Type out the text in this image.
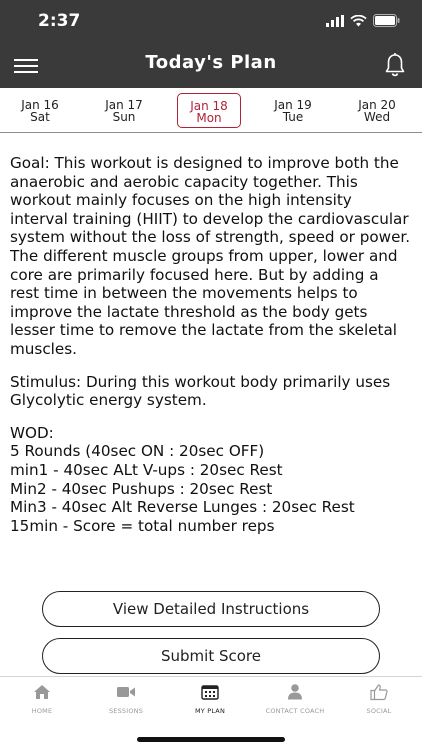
2:37
Today's Plan
Jan 16
Sat
Jan 17
Sun
Jan 18
Mon
Jan 19
Tue
Jan 20
Wed

Goal: This workout is designed to improve both the anaerobic and aerobic capacity together. This workout mainly focuses on the high intensity interval training (HIIT) to develop the cardiovascular system without the loss of strength, speed or power. The different muscle groups from upper, lower and core are primarily focused here. But by adding a rest time in between the movements helps to improve the lactate threshold as the body gets lesser time to remove the lactate from the skeletal muscles.

Stimulus: During this workout body primarily uses Glycolytic energy system.

WOD:
5 Rounds (40sec ON : 20sec OFF)
min1 - 40sec ALt V-ups : 20sec Rest
Min2 - 40sec Pushups : 20sec Rest
Min3 - 40sec Alt Reverse Lunges : 20sec Rest
15min - Score = total number reps
View Detailed Instructions
Submit Score
HOME	SESSIONS	MY PLAN	CONTACT COACH	SOCIAL
